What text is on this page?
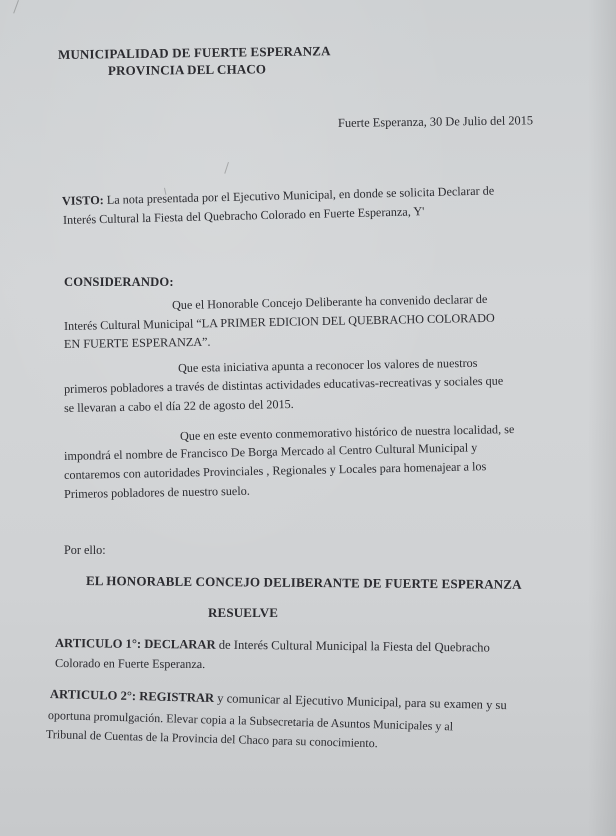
MUNICIPALIDAD DE FUERTE ESPERANZA
PROVINCIA DEL CHACO
Fuerte Esperanza, 30 De Julio del 2015
VISTO: La nota presentada por el Ejecutivo Municipal, en donde se solicita Declarar de
Interés Cultural la Fiesta del Quebracho Colorado en Fuerte Esperanza, Y'
CONSIDERANDO:
Que el Honorable Concejo Deliberante ha convenido declarar de
Interés Cultural Municipal “LA PRIMER EDICION DEL QUEBRACHO COLORADO
EN FUERTE ESPERANZA”.
Que esta iniciativa apunta a reconocer los valores de nuestros
primeros pobladores a través de distintas actividades educativas-recreativas y sociales que
se llevaran a cabo el día 22 de agosto del 2015.
Que en este evento conmemorativo histórico de nuestra localidad, se
impondrá el nombre de Francisco De Borga Mercado al Centro Cultural Municipal y
contaremos con autoridades Provinciales , Regionales y Locales para homenajear a los
Primeros pobladores de nuestro suelo.
Por ello:
EL HONORABLE CONCEJO DELIBERANTE DE FUERTE ESPERANZA
RESUELVE
ARTICULO 1°: DECLARAR de Interés Cultural Municipal la Fiesta del Quebracho
Colorado en Fuerte Esperanza.
ARTICULO 2°: REGISTRAR y comunicar al Ejecutivo Municipal, para su examen y su
oportuna promulgación. Elevar copia a la Subsecretaria de Asuntos Municipales y al
Tribunal de Cuentas de la Provincia del Chaco para su conocimiento.
